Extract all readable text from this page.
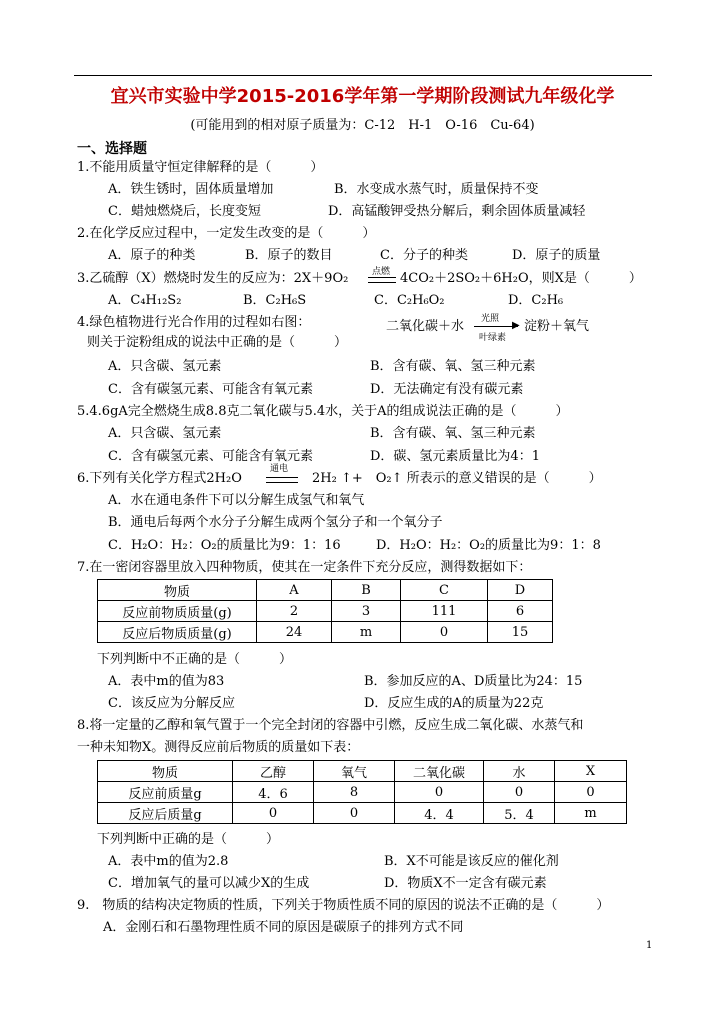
宜兴市实验中学2015-2016学年第一学期阶段测试九年级化学
(可能用到的相对原子质量为：C-12　H-1　O-16　Cu-64)
一、选择题
1.不能用质量守恒定律解释的是（　　　）
A．铁生锈时，固体质量增加	B．水变成水蒸气时，质量保持不变
C．蜡烛燃烧后，长度变短	D．高锰酸钾受热分解后，剩余固体质量减轻
2.在化学反应过程中，一定发生改变的是（　　　）
A．原子的种类	B．原子的数目	C．分子的种类	D．原子的质量
3.乙硫醇（X）燃烧时发生的反应为：2X＋9O₂	点燃 4CO₂＋2SO₂＋6H₂O，则X是（　　　）
A．C₄H₁₂S₂	B．C₂H₆S	C．C₂H₆O₂	D．C₂H₆
4.绿色植物进行光合作用的过程如右图：
则关于淀粉组成的说法中正确的是（　　　）
二氧化碳＋水 光照
▶
叶绿素
淀粉＋氧气
A．只含碳、氢元素	B．含有碳、氧、氢三种元素
C．含有碳氢元素、可能含有氧元素	D．无法确定有没有碳元素
5.4.6gA完全燃烧生成8.8克二氧化碳与5.4水，关于A的组成说法正确的是（　　　）
A．只含碳、氢元素	B．含有碳、氧、氢三种元素
C．含有碳氢元素、可能含有氧元素	D．碳、氢元素质量比为4：1
6.下列有关化学方程式2H₂O
通电
2H₂ ↑+　O₂↑ 所表示的意义错误的是（　　　）
A．水在通电条件下可以分解生成氢气和氧气
B．通电后每两个水分子分解生成两个氢分子和一个氧分子
C．H₂O：H₂：O₂的质量比为9：1：16	D．H₂O：H₂：O₂的质量比为9：1：8
7.在一密闭容器里放入四种物质，使其在一定条件下充分反应，测得数据如下：
物质	A	B	C	D
反应前物质质量(g)	2	3	111	6
反应后物质质量(g)	24	m	0	15
下列判断中不正确的是（　　　）
A．表中m的值为83	B．参加反应的A、D质量比为24：15
C．该反应为分解反应	D．反应生成的A的质量为22克
8.将一定量的乙醇和氧气置于一个完全封闭的容器中引燃，反应生成二氧化碳、水蒸气和
一种未知物X。测得反应前后物质的质量如下表：
物质	乙醇	氧气	二氧化碳	水	X
反应前质量g	4．6	8	0	0	0
反应后质量g	0	0	4．4	5．4	m
下列判断中正确的是（　　　）
A．表中m的值为2.8	B．X不可能是该反应的催化剂
C．增加氧气的量可以减少X的生成	D．物质X不一定含有碳元素
9.　物质的结构决定物质的性质，下列关于物质性质不同的原因的说法不正确的是（　　　）
A．金刚石和石墨物理性质不同的原因是碳原子的排列方式不同
1
